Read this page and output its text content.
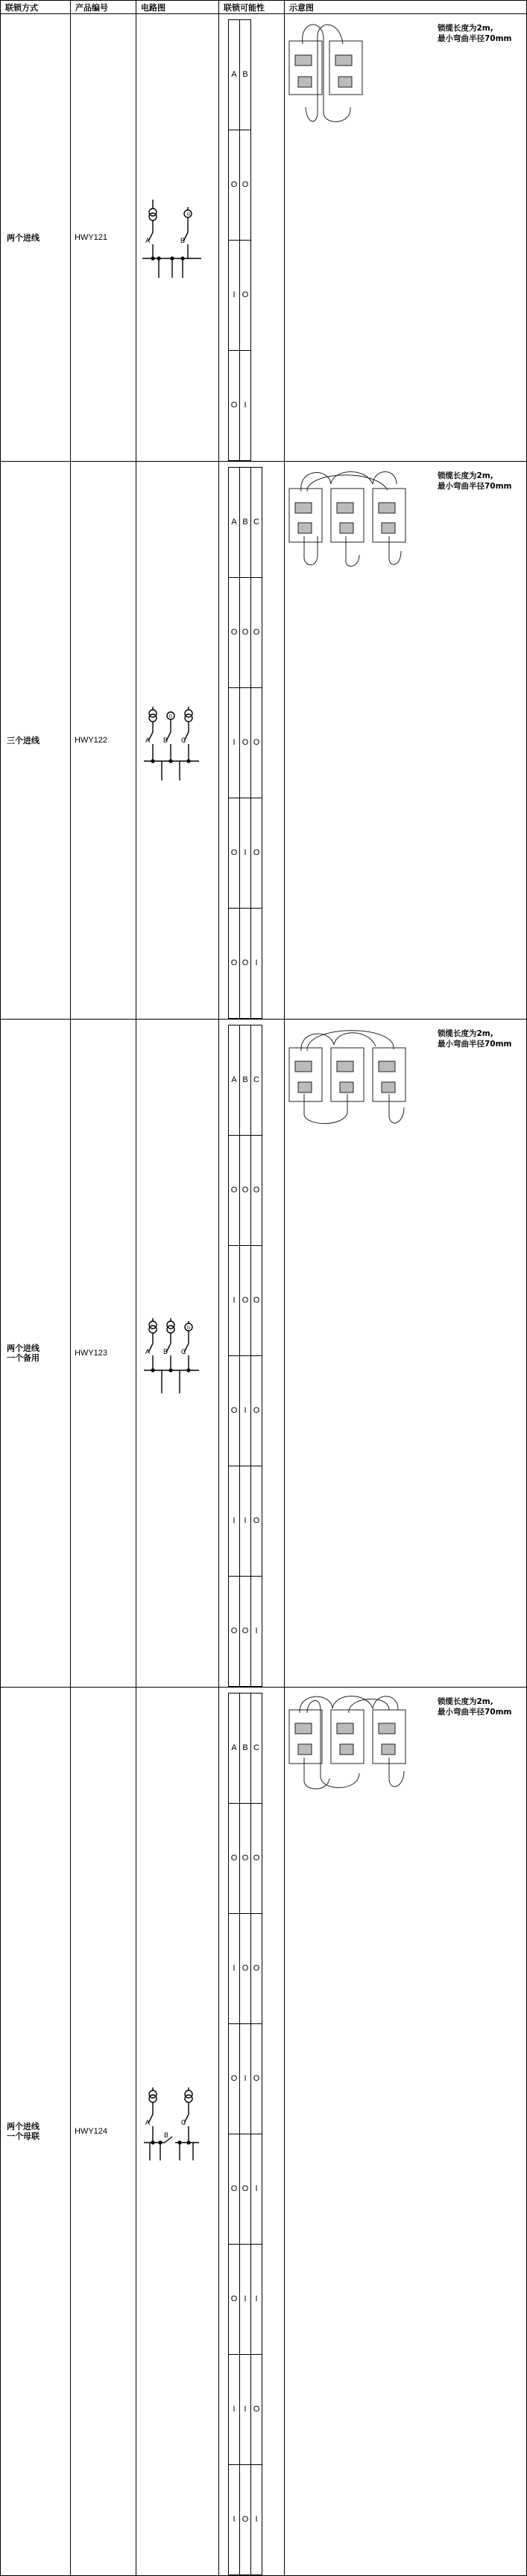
联锁方式	产品编号	电路图	联锁可能性	示意图
两个进线	HWY121	
G
A	B

A	B
O	O
I	O
O	I

锁缆长度为2m,
最小弯曲半径70mm

三个进线	HWY122	
G
A B C

A	B	C
O	O	O
I	O	O
O	I	O
O	O	I

锁缆长度为2m,
最小弯曲半径70mm

两个进线
一个备用	HWY123	
G
A B C

A	B	C
O	O	O
I	O	O
O	I	O
I	I	O
O	O	I

锁缆长度为2m,
最小弯曲半径70mm

两个进线
一个母联	HWY124	
A
B
C

A	B	C
O	O	O
I	O	O
O	I	O
O	O	I
O	I	I
I	I	O
I	O	I

锁缆长度为2m,
最小弯曲半径70mm
